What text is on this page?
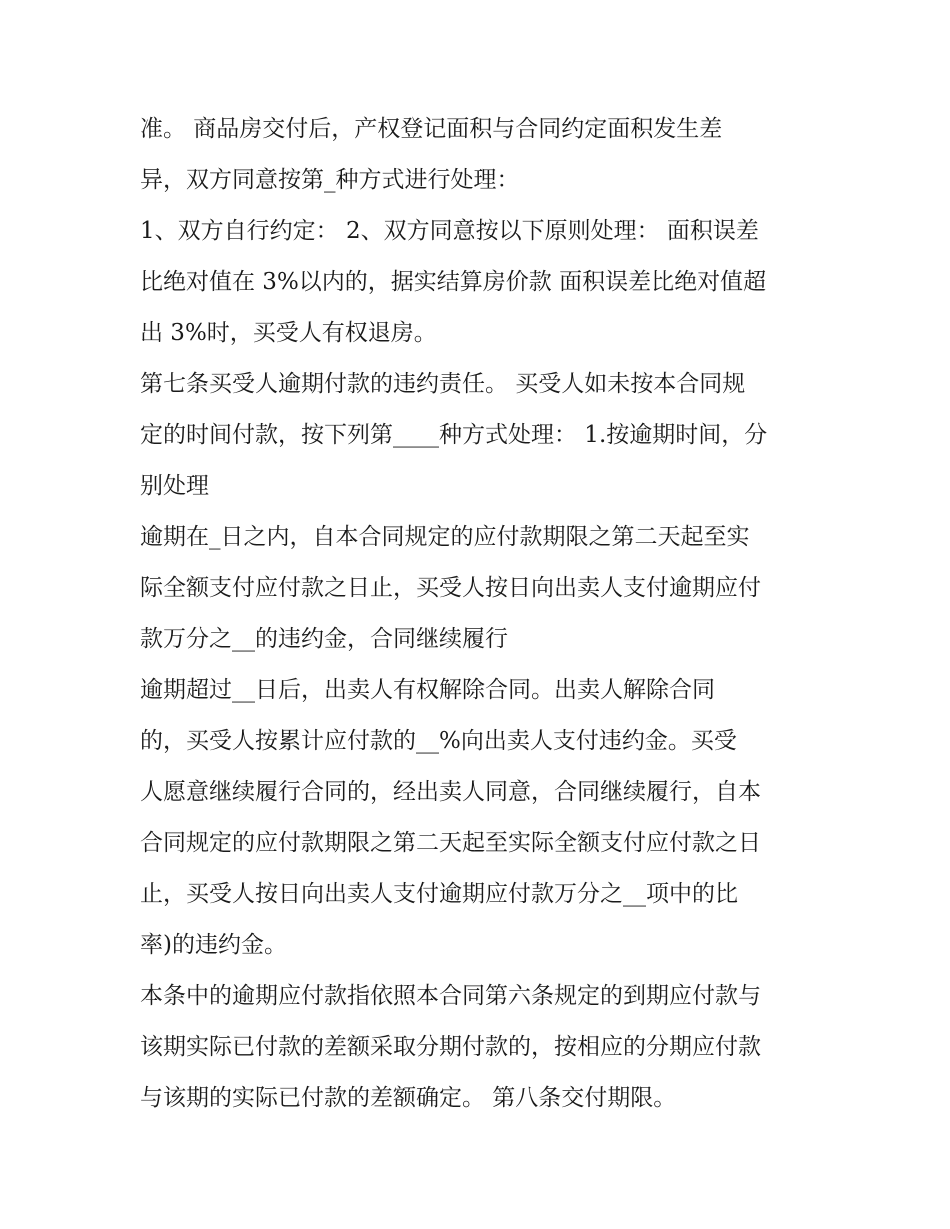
准。 商品房交付后，产权登记面积与合同约定面积发生差
异，双方同意按第_种方式进行处理：
1、双方自行约定： 2、双方同意按以下原则处理： 面积误差
比绝对值在 3%以内的，据实结算房价款 面积误差比绝对值超
出 3%时，买受人有权退房。
第七条买受人逾期付款的违约责任。 买受人如未按本合同规
定的时间付款，按下列第____种方式处理： 1.按逾期时间，分
别处理
逾期在_日之内，自本合同规定的应付款期限之第二天起至实
际全额支付应付款之日止，买受人按日向出卖人支付逾期应付
款万分之__的违约金，合同继续履行
逾期超过__日后，出卖人有权解除合同。出卖人解除合同
的，买受人按累计应付款的__%向出卖人支付违约金。买受
人愿意继续履行合同的，经出卖人同意，合同继续履行，自本
合同规定的应付款期限之第二天起至实际全额支付应付款之日
止，买受人按日向出卖人支付逾期应付款万分之__项中的比
率)的违约金。
本条中的逾期应付款指依照本合同第六条规定的到期应付款与
该期实际已付款的差额采取分期付款的，按相应的分期应付款
与该期的实际已付款的差额确定。 第八条交付期限。
